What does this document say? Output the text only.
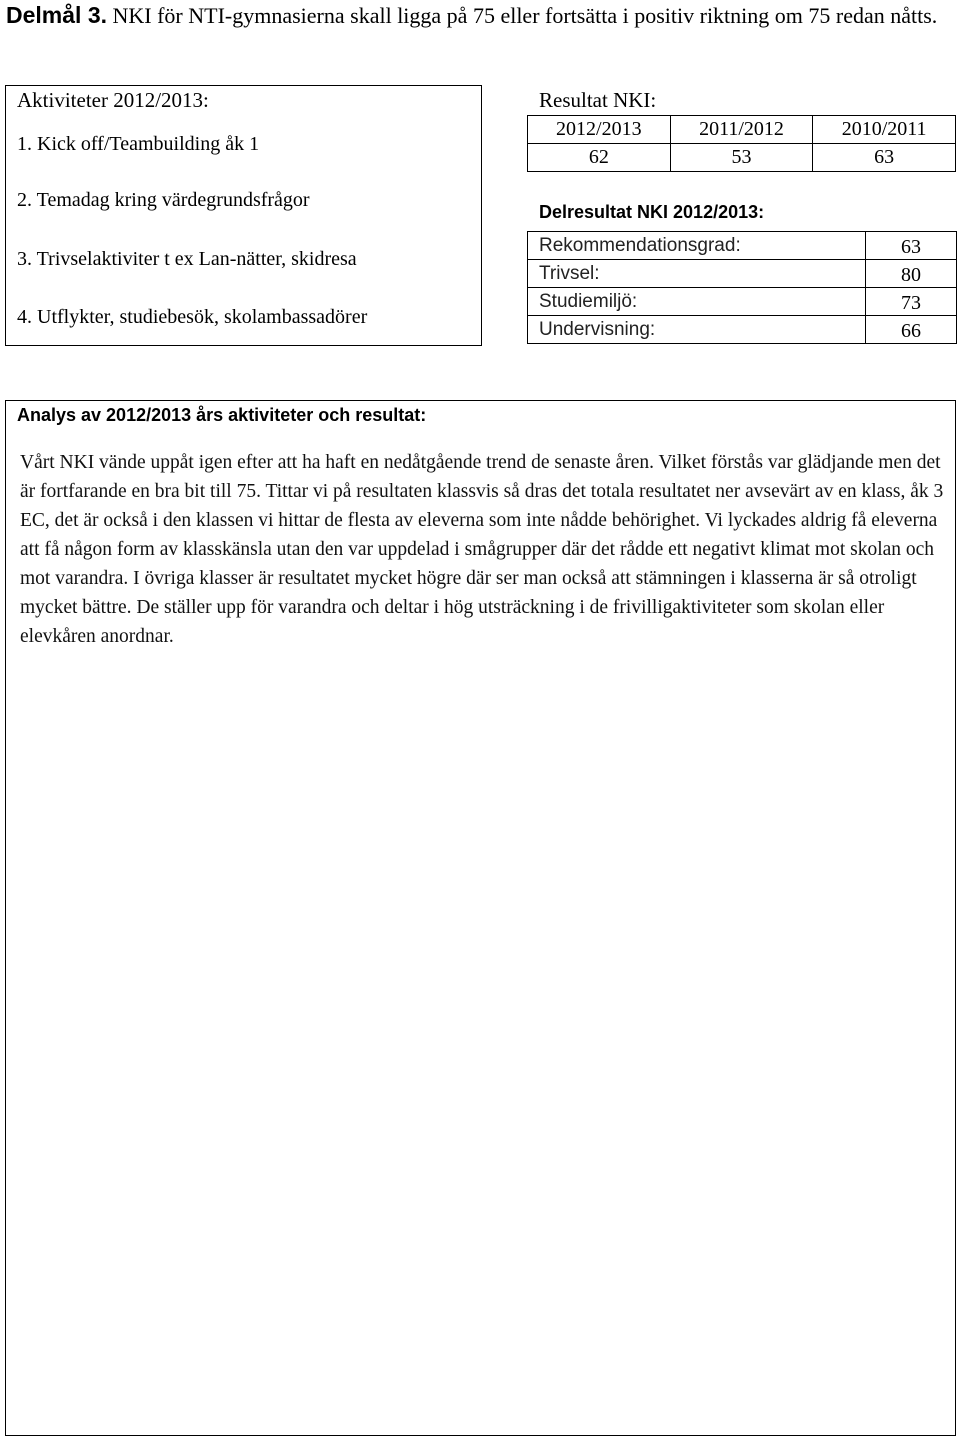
Delmål 3. NKI för NTI-gymnasierna skall ligga på 75 eller fortsätta i positiv riktning om 75 redan nåtts.
Aktiviteter 2012/2013:
1. Kick off/Teambuilding åk 1
2. Temadag kring värdegrundsfrågor
3. Trivselaktiviter t ex Lan-nätter, skidresa
4. Utflykter, studiebesök, skolambassadörer
Resultat NKI:
2012/2013	2011/2012	2010/2011
62	53	63
Delresultat NKI 2012/2013:
Rekommendationsgrad:	63
Trivsel:	80
Studiemiljö:	73
Undervisning:	66
Analys av 2012/2013 års aktiviteter och resultat:
Vårt NKI vände uppåt igen efter att ha haft en nedåtgående trend de senaste åren. Vilket förstås var glädjande men det är fortfarande en bra bit till 75. Tittar vi på resultaten klassvis så dras det totala resultatet ner avsevärt av en klass, åk 3 EC, det är också i den klassen vi hittar de flesta av eleverna som inte nådde behörighet. Vi lyckades aldrig få eleverna att få någon form av klasskänsla utan den var uppdelad i smågrupper där det rådde ett negativt klimat mot skolan och mot varandra. I övriga klasser är resultatet mycket högre där ser man också att stämningen i klasserna är så otroligt mycket bättre. De ställer upp för varandra och deltar i hög utsträckning i de frivilligaktiviteter som skolan eller elevkåren anordnar.
